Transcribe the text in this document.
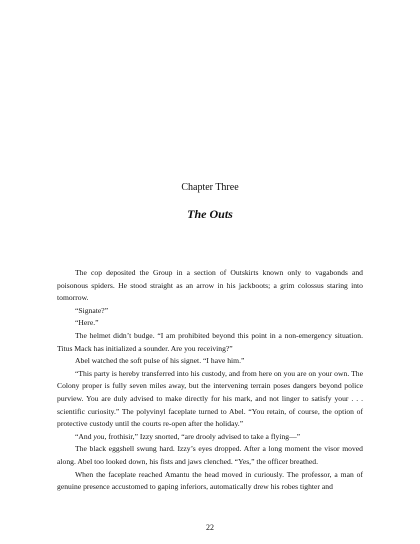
Chapter Three
The Outs

The cop deposited the Group in a section of Outskirts known only to vagabonds and poisonous spiders. He stood straight as an arrow in his jackboots; a grim colossus staring into tomorrow.

“Signate?”

“Here.”

The helmet didn’t budge. “I am prohibited beyond this point in a non-emergency situation. Titus Mack has initialized a sounder. Are you receiving?”

Abel watched the soft pulse of his signet. “I have him.”

“This party is hereby transferred into his custody, and from here on you are on your own. The Colony proper is fully seven miles away, but the intervening terrain poses dangers beyond police purview. You are duly advised to make directly for his mark, and not linger to satisfy your . . . scientific curiosity.” The polyvinyl faceplate turned to Abel. “You retain, of course, the option of protective custody until the courts re-open after the holiday.”

“And you, frothisir,” Izzy snorted, “are drooly advised to take a flying—”

The black eggshell swung hard. Izzy’s eyes dropped. After a long moment the visor moved along. Abel too looked down, his fists and jaws clenched. “Yes,” the officer breathed.

When the faceplate reached Amantu the head moved in curiously. The professor, a man of genuine presence accustomed to gaping inferiors, automatically drew his robes tighter and

22
